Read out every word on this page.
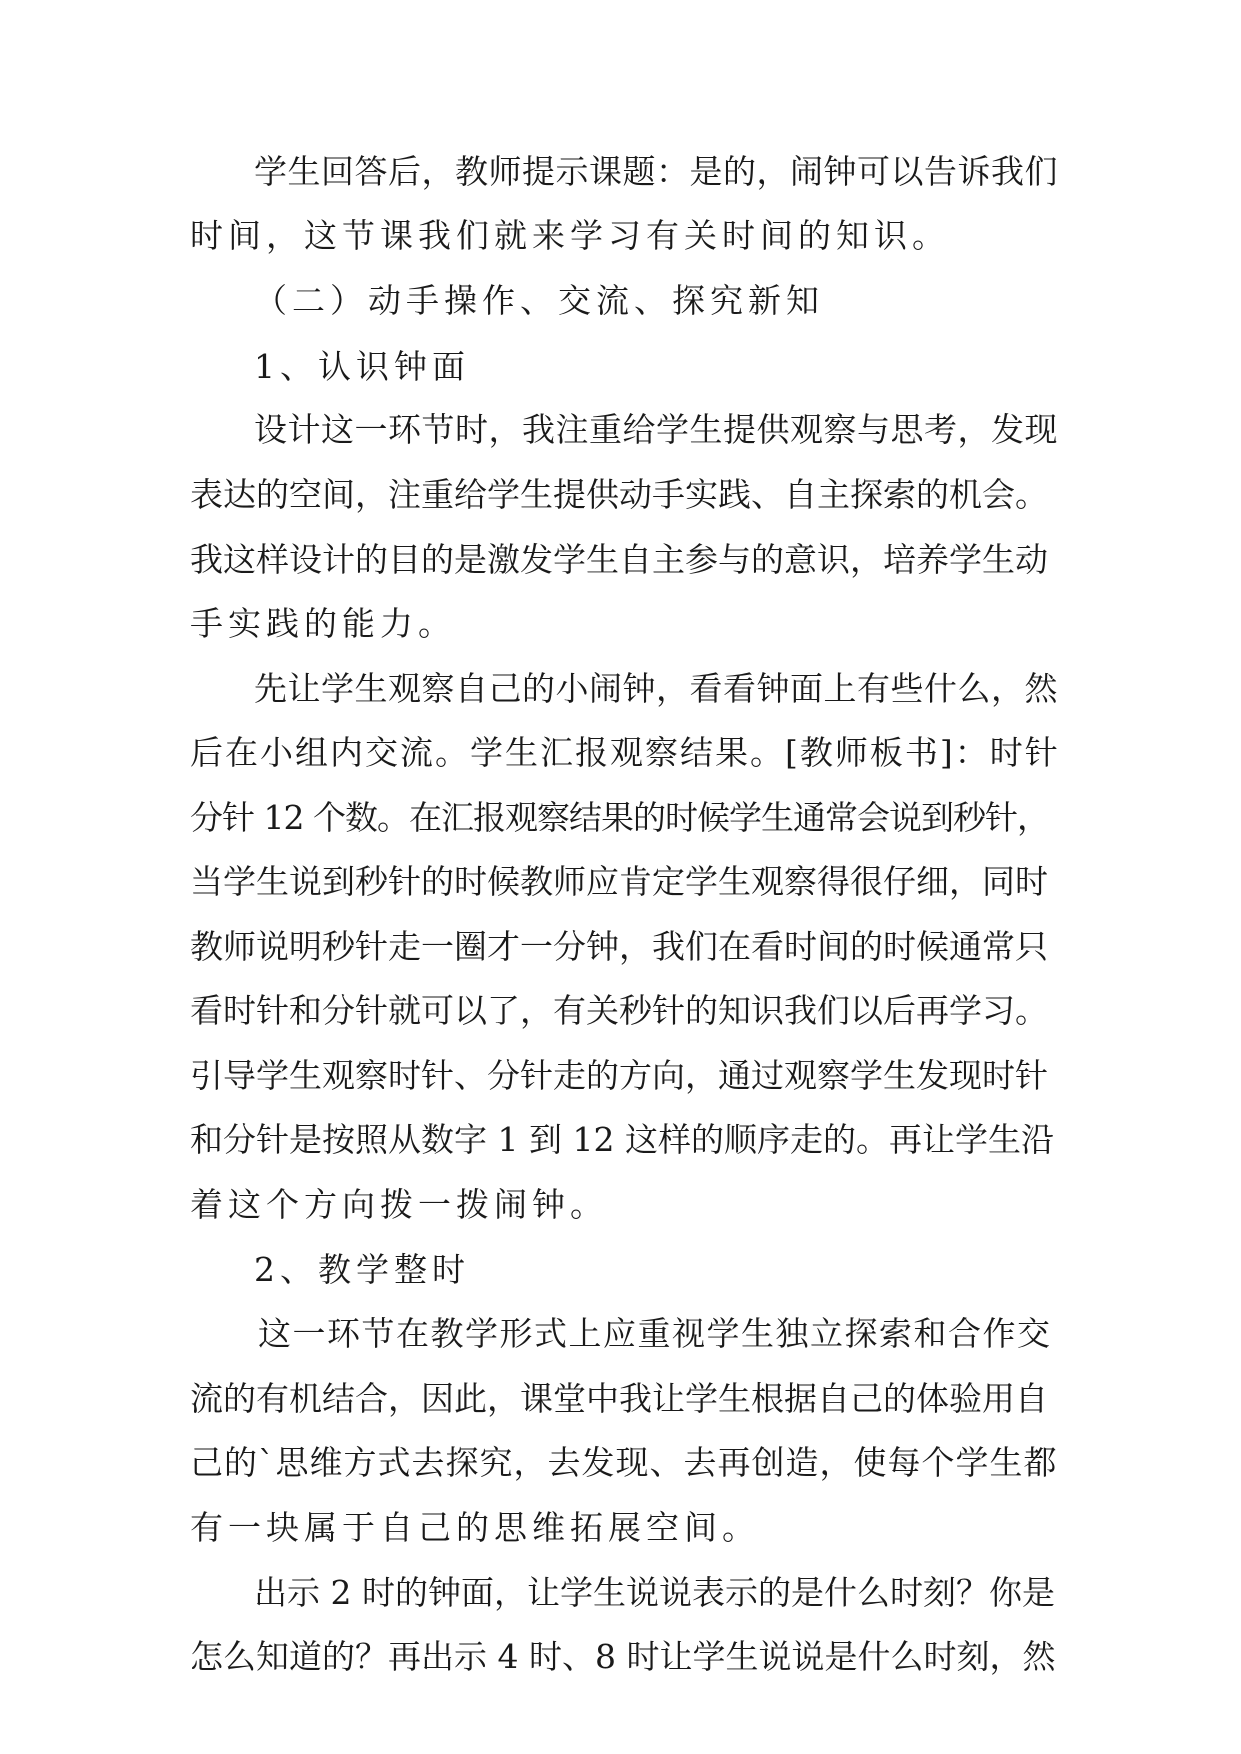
学生回答后，教师提示课题：是的，闹钟可以告诉我们
时间，这节课我们就来学习有关时间的知识。
（二）动手操作、交流、探究新知
1、认识钟面
设计这一环节时，我注重给学生提供观察与思考，发现
表达的空间，注重给学生提供动手实践、自主探索的机会。
我这样设计的目的是激发学生自主参与的意识，培养学生动
手实践的能力。
先让学生观察自己的小闹钟，看看钟面上有些什么，然
后在小组内交流。学生汇报观察结果。[教师板书]：时针
分针 12 个数。在汇报观察结果的时候学生通常会说到秒针，
当学生说到秒针的时候教师应肯定学生观察得很仔细，同时
教师说明秒针走一圈才一分钟，我们在看时间的时候通常只
看时针和分针就可以了，有关秒针的知识我们以后再学习。
引导学生观察时针、分针走的方向，通过观察学生发现时针
和分针是按照从数字 1 到 12 这样的顺序走的。再让学生沿
着这个方向拨一拨闹钟。
2、教学整时
这一环节在教学形式上应重视学生独立探索和合作交
流的有机结合，因此，课堂中我让学生根据自己的体验用自
己的`思维方式去探究，去发现、去再创造，使每个学生都
有一块属于自己的思维拓展空间。
出示 2 时的钟面，让学生说说表示的是什么时刻？你是
怎么知道的？再出示 4 时、8 时让学生说说是什么时刻，然
